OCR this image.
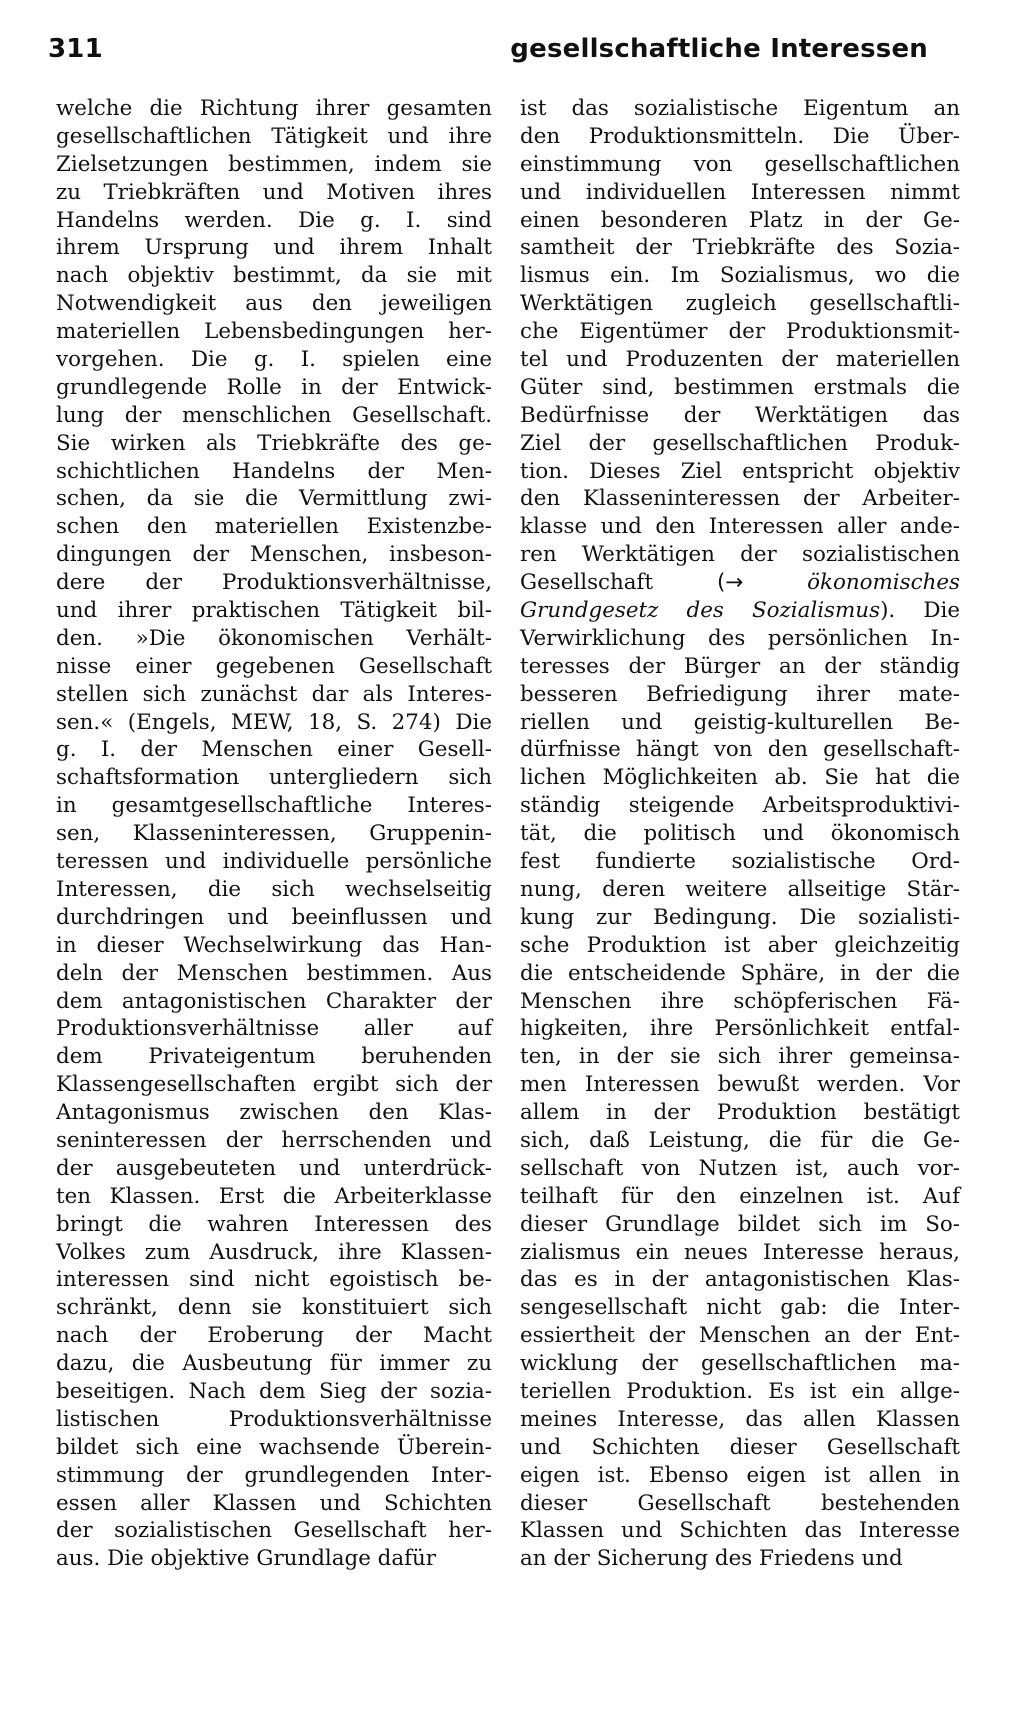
311	gesellschaftliche Interessen
welche die Richtung ihrer gesamten
gesellschaftlichen Tätigkeit und ihre
Zielsetzungen bestimmen, indem sie
zu Triebkräften und Motiven ihres
Handelns werden. Die g. I. sind
ihrem Ursprung und ihrem Inhalt
nach objektiv bestimmt, da sie mit
Notwendigkeit aus den jeweiligen
materiellen Lebensbedingungen her-
vorgehen. Die g. I. spielen eine
grundlegende Rolle in der Entwick-
lung der menschlichen Gesellschaft.
Sie wirken als Triebkräfte des ge-
schichtlichen Handelns der Men-
schen, da sie die Vermittlung zwi-
schen den materiellen Existenzbe-
dingungen der Menschen, insbeson-
dere der Produktionsverhältnisse,
und ihrer praktischen Tätigkeit bil-
den. »Die ökonomischen Verhält-
nisse einer gegebenen Gesellschaft
stellen sich zunächst dar als Interes-
sen.« (Engels, MEW, 18, S. 274) Die
g. I. der Menschen einer Gesell-
schaftsformation untergliedern sich
in gesamtgesellschaftliche Interes-
sen, Klasseninteressen, Gruppenin-
teressen und individuelle persönliche
Interessen, die sich wechselseitig
durchdringen und beeinflussen und
in dieser Wechselwirkung das Han-
deln der Menschen bestimmen. Aus
dem antagonistischen Charakter der
Produktionsverhältnisse aller auf
dem Privateigentum beruhenden
Klassengesellschaften ergibt sich der
Antagonismus zwischen den Klas-
seninteressen der herrschenden und
der ausgebeuteten und unterdrück-
ten Klassen. Erst die Arbeiterklasse
bringt die wahren Interessen des
Volkes zum Ausdruck, ihre Klassen-
interessen sind nicht egoistisch be-
schränkt, denn sie konstituiert sich
nach der Eroberung der Macht
dazu, die Ausbeutung für immer zu
beseitigen. Nach dem Sieg der sozia-
listischen Produktionsverhältnisse
bildet sich eine wachsende Überein-
stimmung der grundlegenden Inter-
essen aller Klassen und Schichten
der sozialistischen Gesellschaft her-
aus. Die objektive Grundlage dafür
ist das sozialistische Eigentum an
den Produktionsmitteln. Die Über-
einstimmung von gesellschaftlichen
und individuellen Interessen nimmt
einen besonderen Platz in der Ge-
samtheit der Triebkräfte des Sozia-
lismus ein. Im Sozialismus, wo die
Werktätigen zugleich gesellschaftli-
che Eigentümer der Produktionsmit-
tel und Produzenten der materiellen
Güter sind, bestimmen erstmals die
Bedürfnisse der Werktätigen das
Ziel der gesellschaftlichen Produk-
tion. Dieses Ziel entspricht objektiv
den Klasseninteressen der Arbeiter-
klasse und den Interessen aller ande-
ren Werktätigen der sozialistischen
Gesellschaft	(→	ökonomisches
Grundgesetz des Sozialismus). Die
Verwirklichung des persönlichen In-
teresses der Bürger an der ständig
besseren Befriedigung ihrer mate-
riellen und geistig-kulturellen Be-
dürfnisse hängt von den gesellschaft-
lichen Möglichkeiten ab. Sie hat die
ständig steigende Arbeitsproduktivi-
tät, die politisch und ökonomisch
fest fundierte sozialistische Ord-
nung, deren weitere allseitige Stär-
kung zur Bedingung. Die sozialisti-
sche Produktion ist aber gleichzeitig
die entscheidende Sphäre, in der die
Menschen ihre schöpferischen Fä-
higkeiten, ihre Persönlichkeit entfal-
ten, in der sie sich ihrer gemeinsa-
men Interessen bewußt werden. Vor
allem in der Produktion bestätigt
sich, daß Leistung, die für die Ge-
sellschaft von Nutzen ist, auch vor-
teilhaft für den einzelnen ist. Auf
dieser Grundlage bildet sich im So-
zialismus ein neues Interesse heraus,
das es in der antagonistischen Klas-
sengesellschaft nicht gab: die Inter-
essiertheit der Menschen an der Ent-
wicklung der gesellschaftlichen ma-
teriellen Produktion. Es ist ein allge-
meines Interesse, das allen Klassen
und Schichten dieser Gesellschaft
eigen ist. Ebenso eigen ist allen in
dieser Gesellschaft bestehenden
Klassen und Schichten das Interesse
an der Sicherung des Friedens und
